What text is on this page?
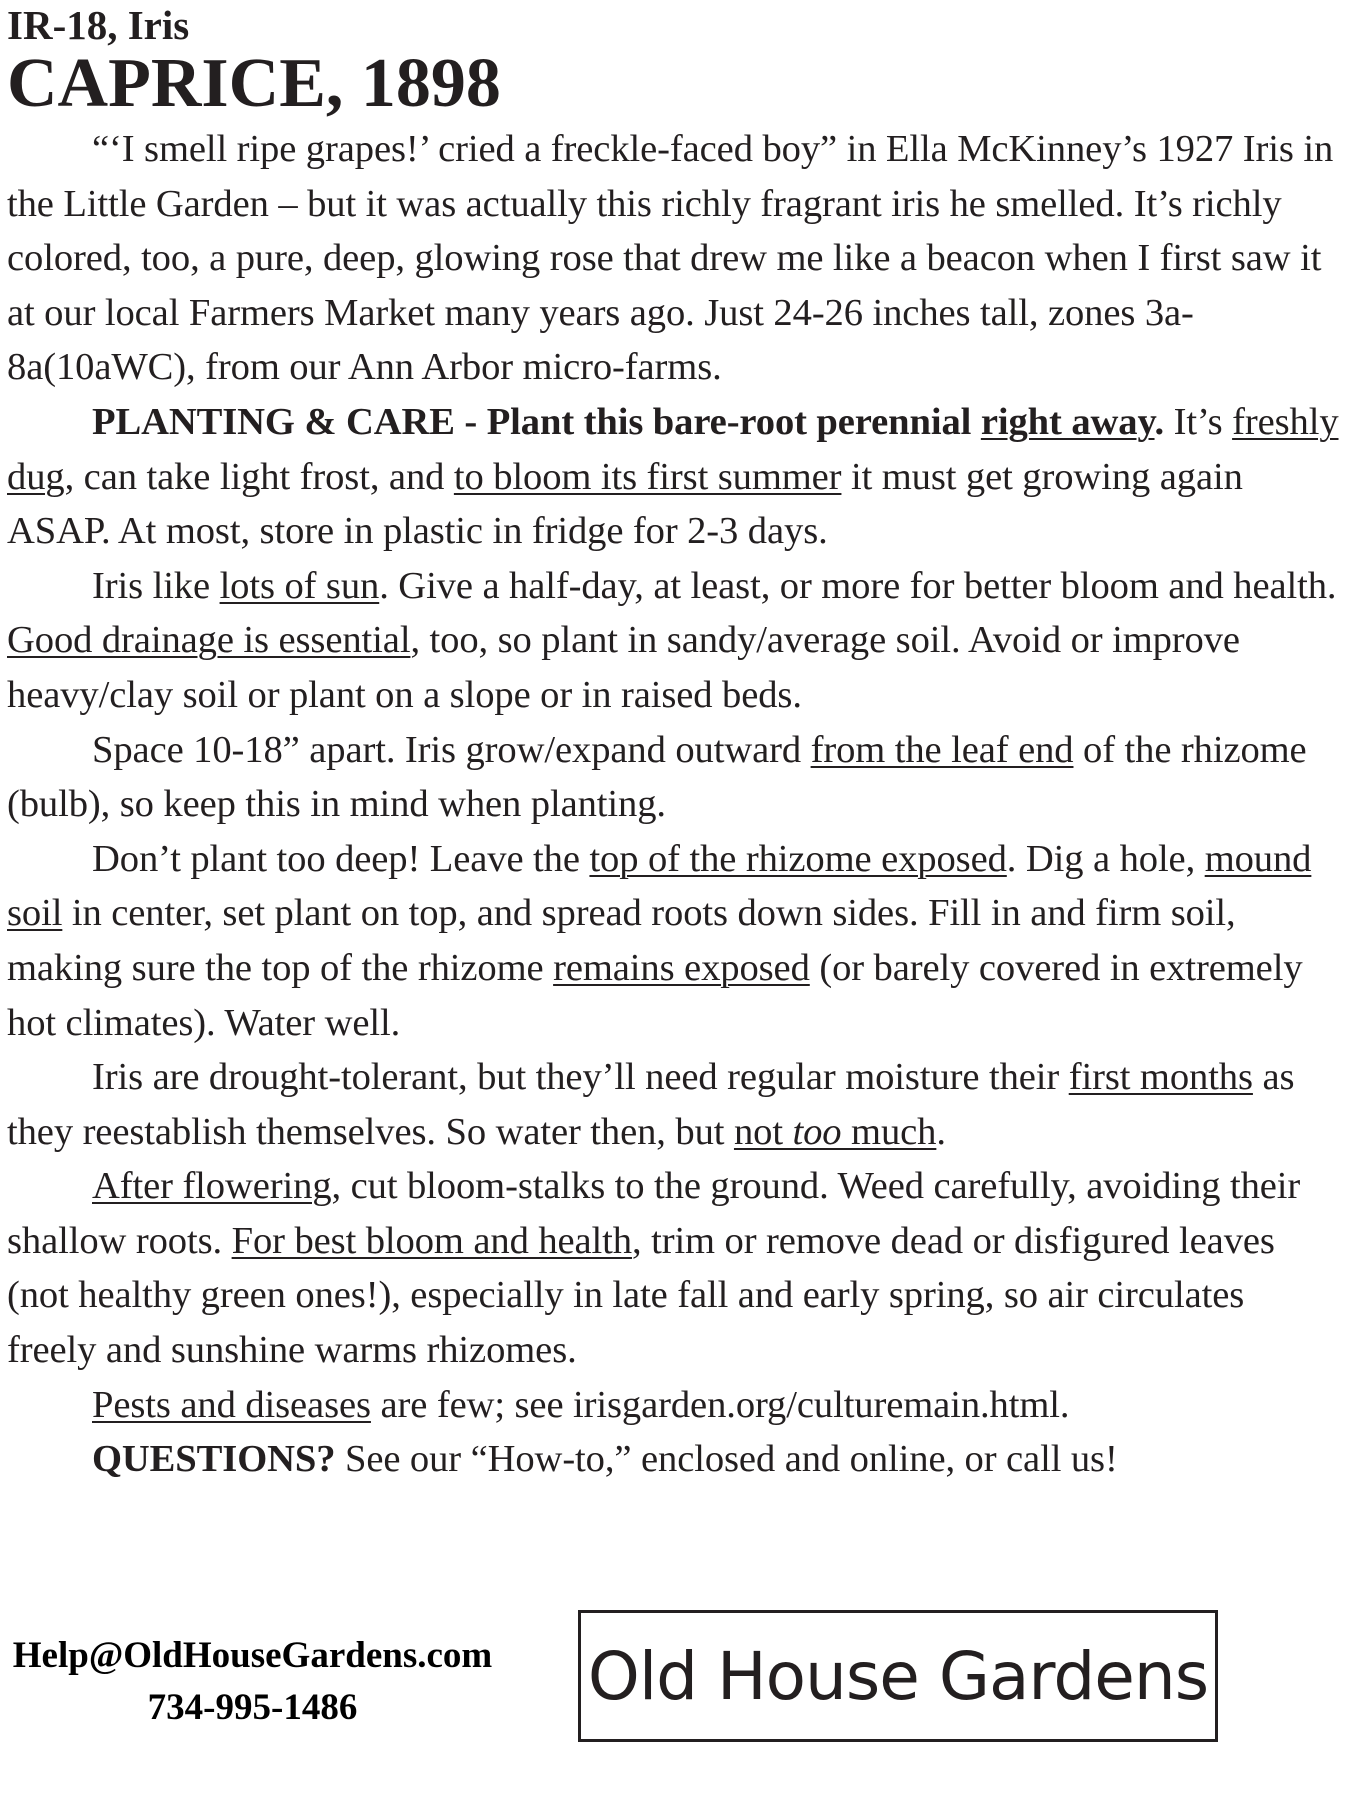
IR-18, Iris
CAPRICE, 1898

“‘I smell ripe grapes!’ cried a freckle-faced boy” in Ella McKinney’s 1927 Iris in the Little Garden – but it was actually this richly fragrant iris he smelled. It’s richly colored, too, a pure, deep, glowing rose that drew me like a beacon when I first saw it at our local Farmers Market many years ago. Just 24-26 inches tall, zones 3a-8a(10aWC), from our Ann Arbor micro-farms.

PLANTING & CARE - Plant this bare-root perennial right away. It’s freshly dug, can take light frost, and to bloom its first summer it must get growing again ASAP. At most, store in plastic in fridge for 2-3 days.

Iris like lots of sun. Give a half-day, at least, or more for better bloom and health. Good drainage is essential, too, so plant in sandy/average soil. Avoid or improve heavy/clay soil or plant on a slope or in raised beds.

Space 10-18” apart. Iris grow/expand outward from the leaf end of the rhizome (bulb), so keep this in mind when planting.

Don’t plant too deep! Leave the top of the rhizome exposed. Dig a hole, mound soil in center, set plant on top, and spread roots down sides. Fill in and firm soil, making sure the top of the rhizome remains exposed (or barely covered in extremely hot climates). Water well.

Iris are drought-tolerant, but they’ll need regular moisture their first months as they reestablish themselves. So water then, but not too much.

After flowering, cut bloom-stalks to the ground. Weed carefully, avoiding their shallow roots. For best bloom and health, trim or remove dead or disfigured leaves (not healthy green ones!), especially in late fall and early spring, so air circulates freely and sunshine warms rhizomes.

Pests and diseases are few; see irisgarden.org/culturemain.html.

QUESTIONS? See our “How-to,” enclosed and online, or call us!

Help@OldHouseGardens.com
734-995-1486	Old House Gardens
